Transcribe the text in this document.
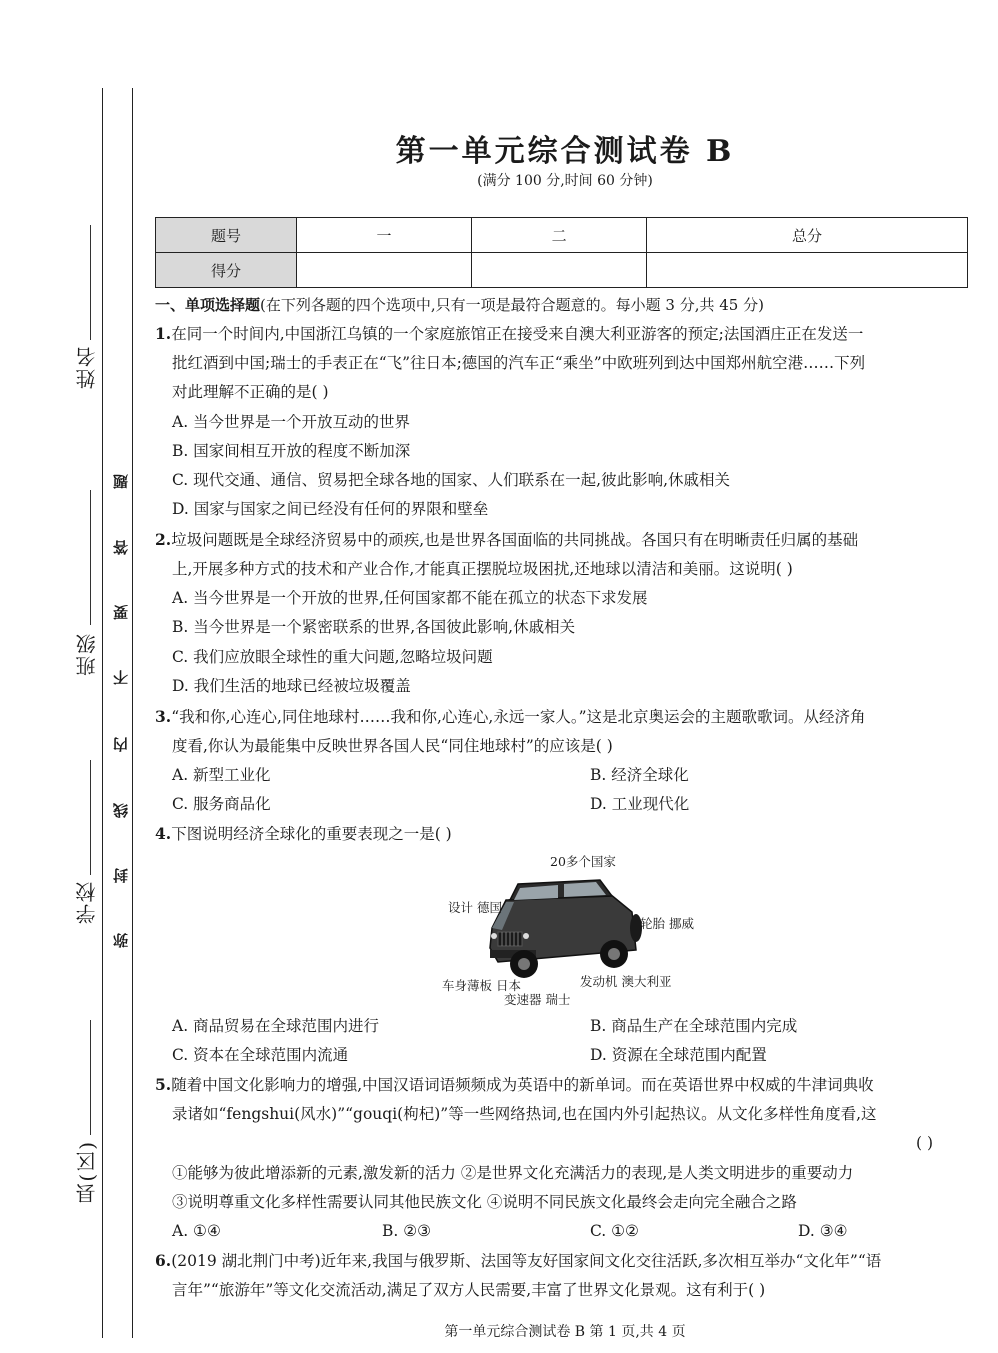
姓名
班级
学校
县(区)
题
答
要
不
内
线
封
弥
第一单元综合测试卷 B
(满分 100 分,时间 60 分钟)
题号	一	二	总分
得分			
一、单项选择题(在下列各题的四个选项中,只有一项是最符合题意的。每小题 3 分,共 45 分)
1.在同一个时间内,中国浙江乌镇的一个家庭旅馆正在接受来自澳大利亚游客的预定;法国酒庄正在发送一
批红酒到中国;瑞士的手表正在“飞”往日本;德国的汽车正“乘坐”中欧班列到达中国郑州航空港……下列
对此理解不正确的是( )
A. 当今世界是一个开放互动的世界
B. 国家间相互开放的程度不断加深
C. 现代交通、通信、贸易把全球各地的国家、人们联系在一起,彼此影响,休戚相关
D. 国家与国家之间已经没有任何的界限和壁垒
2.垃圾问题既是全球经济贸易中的顽疾,也是世界各国面临的共同挑战。各国只有在明晰责任归属的基础
上,开展多种方式的技术和产业合作,才能真正摆脱垃圾困扰,还地球以清洁和美丽。这说明( )
A. 当今世界是一个开放的世界,任何国家都不能在孤立的状态下求发展
B. 当今世界是一个紧密联系的世界,各国彼此影响,休戚相关
C. 我们应放眼全球性的重大问题,忽略垃圾问题
D. 我们生活的地球已经被垃圾覆盖
3.“我和你,心连心,同住地球村……我和你,心连心,永远一家人。”这是北京奥运会的主题歌歌词。从经济角
度看,你认为最能集中反映世界各国人民“同住地球村”的应该是( )
A. 新型工业化	B. 经济全球化
C. 服务商品化	D. 工业现代化
4.下图说明经济全球化的重要表现之一是( )
20多个国家
设计 德国
轮胎 挪威
车身薄板 日本	发动机 澳大利亚
变速器 瑞士
A. 商品贸易在全球范围内进行	B. 商品生产在全球范围内完成
C. 资本在全球范围内流通	D. 资源在全球范围内配置
5.随着中国文化影响力的增强,中国汉语词语频频成为英语中的新单词。而在英语世界中权威的牛津词典收
录诸如“fengshui(风水)”“gouqi(枸杞)”等一些网络热词,也在国内外引起热议。从文化多样性角度看,这
( )
①能够为彼此增添新的元素,激发新的活力 ②是世界文化充满活力的表现,是人类文明进步的重要动力
③说明尊重文化多样性需要认同其他民族文化 ④说明不同民族文化最终会走向完全融合之路
A. ①④	B. ②③	C. ①②	D. ③④
6.(2019 湖北荆门中考)近年来,我国与俄罗斯、法国等友好国家间文化交往活跃,多次相互举办“文化年”“语
言年”“旅游年”等文化交流活动,满足了双方人民需要,丰富了世界文化景观。这有利于( )
第一单元综合测试卷 B 第 1 页,共 4 页
